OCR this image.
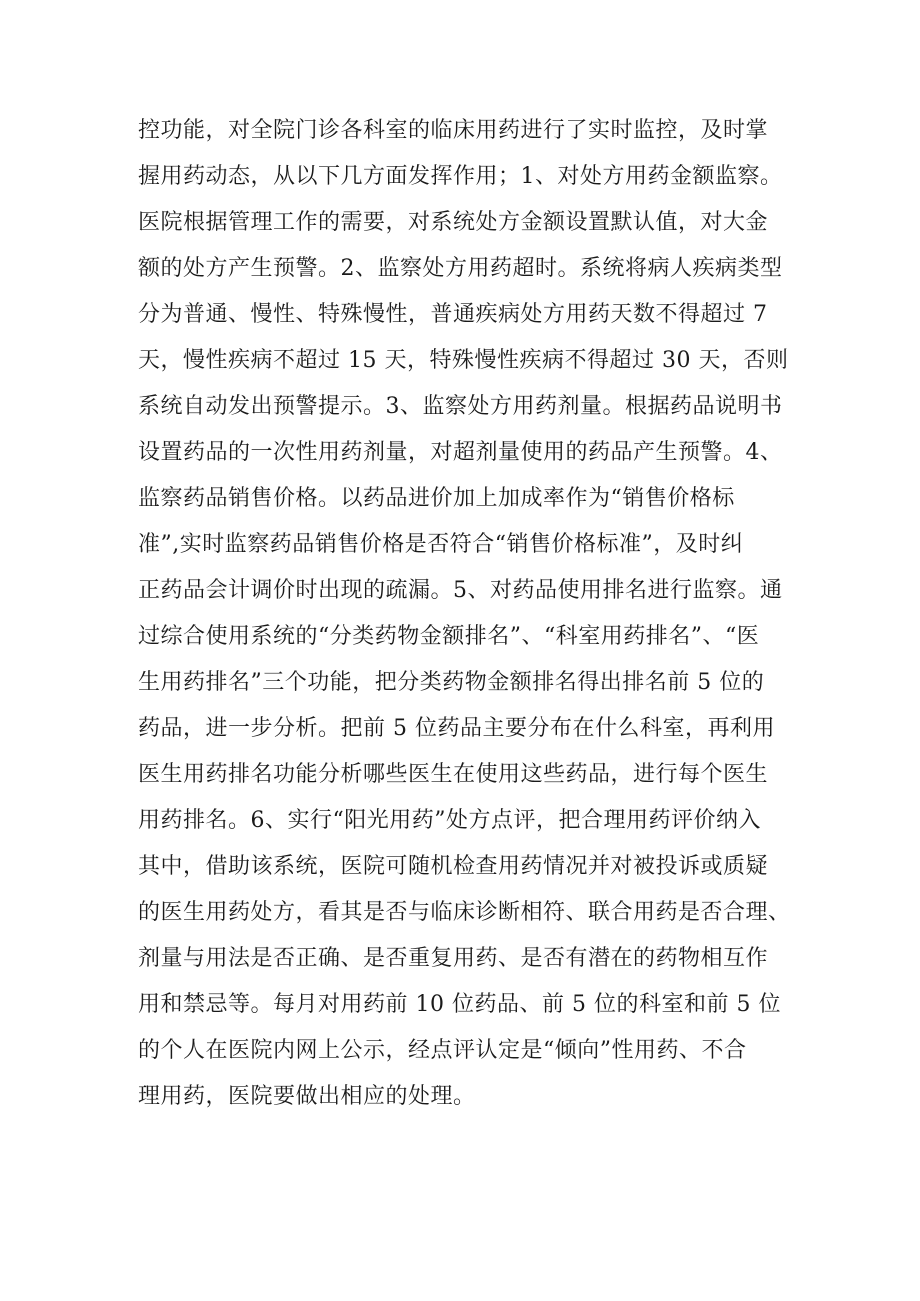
控功能，对全院门诊各科室的临床用药进行了实时监控，及时掌
握用药动态，从以下几方面发挥作用；1、对处方用药金额监察。
医院根据管理工作的需要，对系统处方金额设置默认值，对大金
额的处方产生预警。2、监察处方用药超时。系统将病人疾病类型
分为普通、慢性、特殊慢性，普通疾病处方用药天数不得超过 7
天，慢性疾病不超过 15 天，特殊慢性疾病不得超过 30 天，否则
系统自动发出预警提示。3、监察处方用药剂量。根据药品说明书
设置药品的一次性用药剂量，对超剂量使用的药品产生预警。4、
监察药品销售价格。以药品进价加上加成率作为“销售价格标
准”,实时监察药品销售价格是否符合“销售价格标准”，及时纠
正药品会计调价时出现的疏漏。5、对药品使用排名进行监察。通
过综合使用系统的“分类药物金额排名”、“科室用药排名”、“医
生用药排名”三个功能，把分类药物金额排名得出排名前 5 位的
药品，进一步分析。把前 5 位药品主要分布在什么科室，再利用
医生用药排名功能分析哪些医生在使用这些药品，进行每个医生
用药排名。6、实行“阳光用药”处方点评，把合理用药评价纳入
其中，借助该系统，医院可随机检查用药情况并对被投诉或质疑
的医生用药处方，看其是否与临床诊断相符、联合用药是否合理、
剂量与用法是否正确、是否重复用药、是否有潜在的药物相互作
用和禁忌等。每月对用药前 10 位药品、前 5 位的科室和前 5 位
的个人在医院内网上公示，经点评认定是“倾向”性用药、不合
理用药，医院要做出相应的处理。
